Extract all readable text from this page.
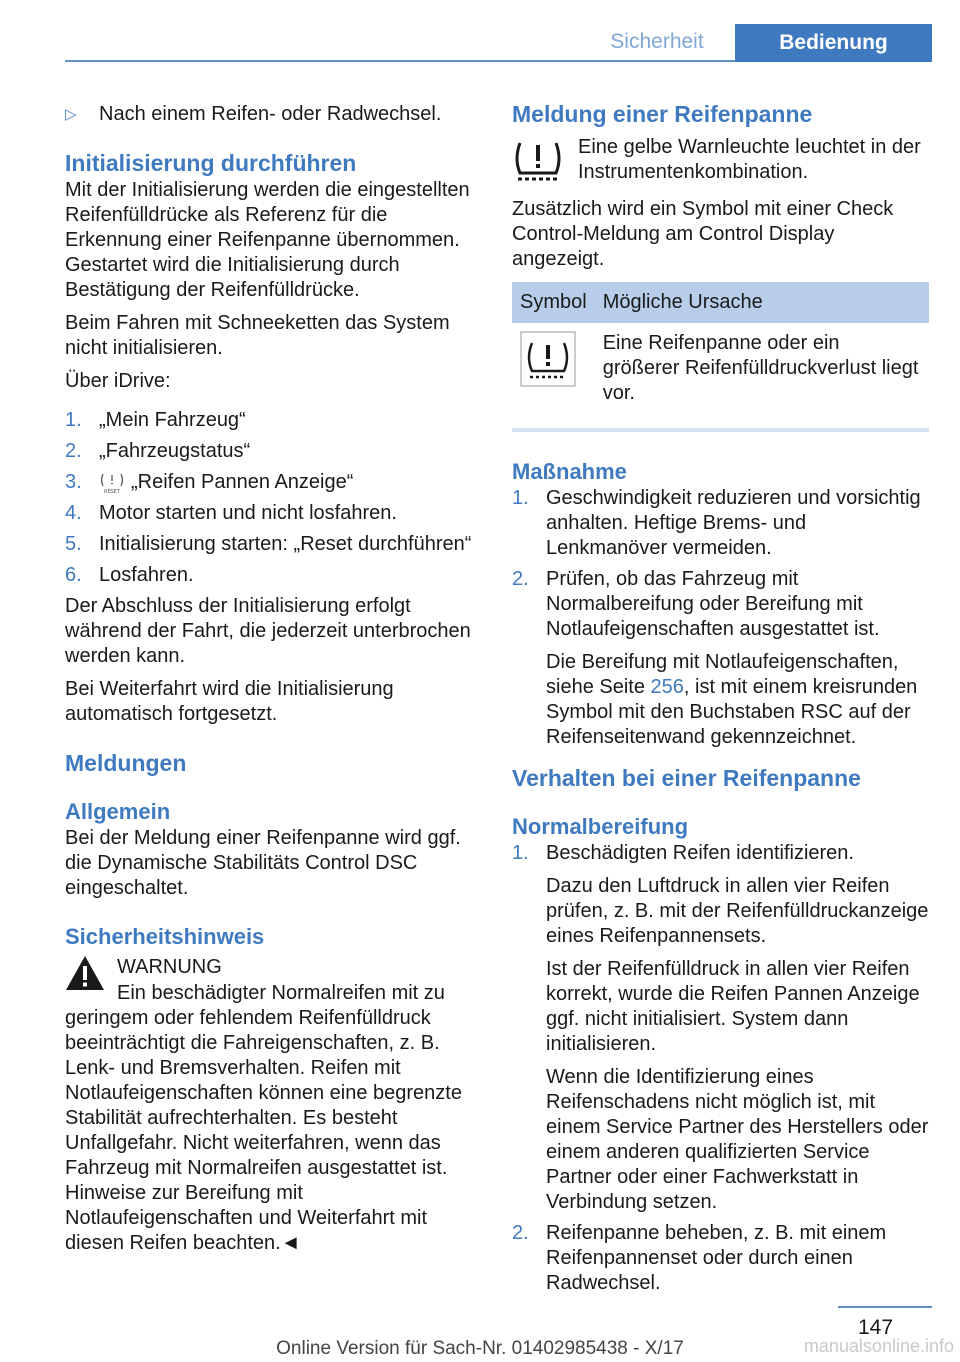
Sicherheit	Bedienung
▷	Nach einem Reifen- oder Radwechsel.
Initialisierung durchführen

Mit der Initialisierung werden die eingestellten Reifenfülldrücke als Referenz für die Erkennung einer Reifenpanne übernommen. Gestartet wird die Initialisierung durch Bestätigung der Reifenfülldrücke.

Beim Fahren mit Schneeketten das System nicht initialisieren.

Über iDrive:

1. „Mein Fahrzeug“
2. „Fahrzeugstatus“
3.	RESET „Reifen Pannen Anzeige“
4. Motor starten und nicht losfahren.
5. Initialisierung starten: „Reset durchführen“
6. Losfahren.

Der Abschluss der Initialisierung erfolgt während der Fahrt, die jederzeit unterbrochen werden kann.

Bei Weiterfahrt wird die Initialisierung automatisch fortgesetzt.

Meldungen
Allgemein

Bei der Meldung einer Reifenpanne wird ggf. die Dynamische Stabilitäts Control DSC eingeschaltet.

Sicherheitshinweis
WARNUNG
Ein beschädigter Normalreifen mit zu geringem oder fehlendem Reifenfülldruck beeinträchtigt die Fahreigenschaften, z. B. Lenk- und Bremsverhalten. Reifen mit Notlaufeigenschaften können eine begrenzte Stabilität aufrechterhalten. Es besteht Unfallgefahr. Nicht weiterfahren, wenn das Fahrzeug mit Normalreifen ausgestattet ist. Hinweise zur Bereifung mit Notlaufeigenschaften und Weiterfahrt mit diesen Reifen beachten.◄
Meldung einer Reifenpanne
Eine gelbe Warnleuchte leuchtet in der Instrumentenkombination.

Zusätzlich wird ein Symbol mit einer Check Control-Meldung am Control Display angezeigt.

Symbol	Mögliche Ursache
	Eine Reifenpanne oder ein größerer Reifenfülldruckverlust liegt vor.
Maßnahme
1. Geschwindigkeit reduzieren und vorsichtig anhalten. Heftige Brems- und Lenkmanöver vermeiden.
2. Prüfen, ob das Fahrzeug mit Normalbereifung oder Bereifung mit Notlaufeigenschaften ausgestattet ist.
Die Bereifung mit Notlaufeigenschaften, siehe Seite 256, ist mit einem kreisrunden Symbol mit den Buchstaben RSC auf der Reifenseitenwand gekennzeichnet.
Verhalten bei einer Reifenpanne
Normalbereifung
1. Beschädigten Reifen identifizieren.
Dazu den Luftdruck in allen vier Reifen prüfen, z. B. mit der Reifenfülldruckanzeige eines Reifenpannensets.
Ist der Reifenfülldruck in allen vier Reifen korrekt, wurde die Reifen Pannen Anzeige ggf. nicht initialisiert. System dann initialisieren.
Wenn die Identifizierung eines Reifenschadens nicht möglich ist, mit einem Service Partner des Herstellers oder einem anderen qualifizierten Service Partner oder einer Fachwerkstatt in Verbindung setzen.
2. Reifenpanne beheben, z. B. mit einem Reifenpannenset oder durch einen Radwechsel.
147
Online Version für Sach-Nr. 01402985438 - X/17	manualsonline.info
